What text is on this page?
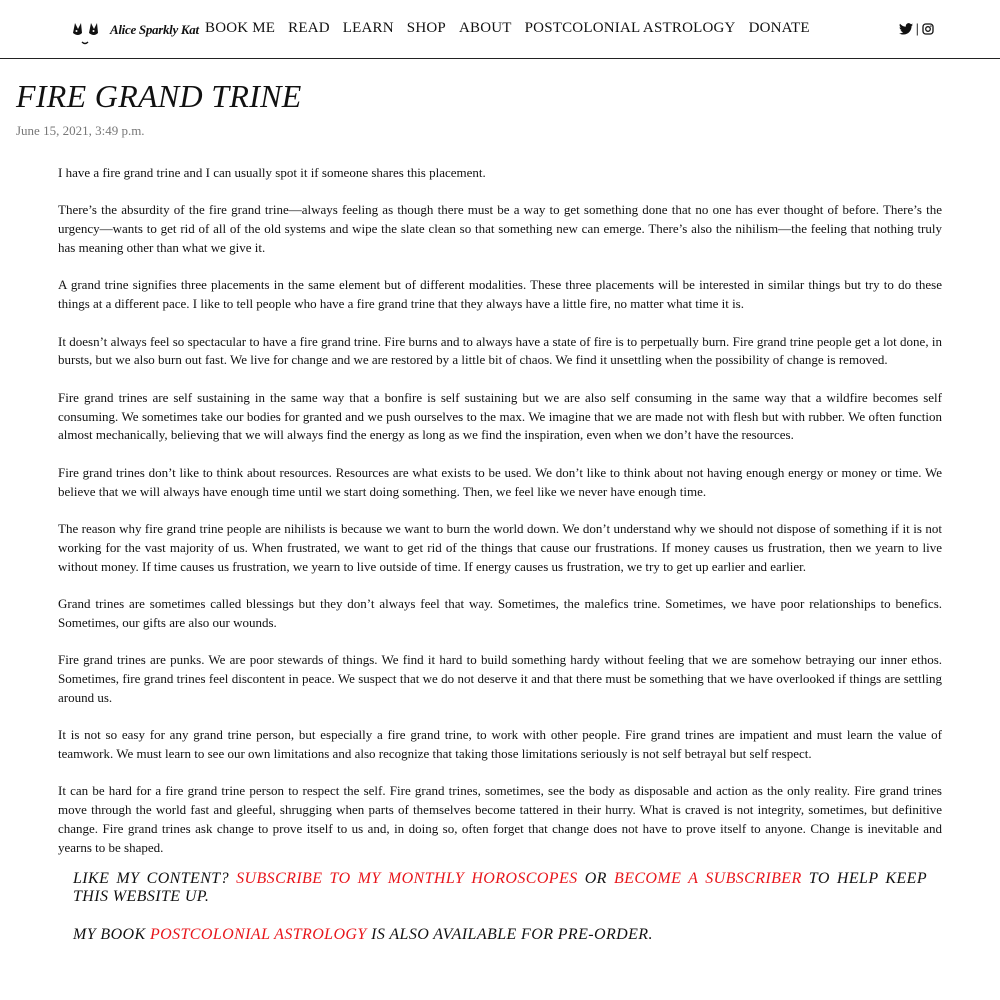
Alice Sparkly Kat BOOK ME READ LEARN SHOP ABOUT POSTCOLONIAL ASTROLOGY DONATE	|
FIRE GRAND TRINE
June 15, 2021, 3:49 p.m.

I have a fire grand trine and I can usually spot it if someone shares this placement.

There’s the absurdity of the fire grand trine—always feeling as though there must be a way to get something done that no one has ever thought of before. There’s the urgency—wants to get rid of all of the old systems and wipe the slate clean so that something new can emerge. There’s also the nihilism—the feeling that nothing truly has meaning other than what we give it.

A grand trine signifies three placements in the same element but of different modalities. These three placements will be interested in similar things but try to do these things at a different pace. I like to tell people who have a fire grand trine that they always have a little fire, no matter what time it is.

It doesn’t always feel so spectacular to have a fire grand trine. Fire burns and to always have a state of fire is to perpetually burn. Fire grand trine people get a lot done, in bursts, but we also burn out fast. We live for change and we are restored by a little bit of chaos. We find it unsettling when the possibility of change is removed.

Fire grand trines are self sustaining in the same way that a bonfire is self sustaining but we are also self consuming in the same way that a wildfire becomes self consuming. We sometimes take our bodies for granted and we push ourselves to the max. We imagine that we are made not with flesh but with rubber. We often function almost mechanically, believing that we will always find the energy as long as we find the inspiration, even when we don’t have the resources.

Fire grand trines don’t like to think about resources. Resources are what exists to be used. We don’t like to think about not having enough energy or money or time. We believe that we will always have enough time until we start doing something. Then, we feel like we never have enough time.

The reason why fire grand trine people are nihilists is because we want to burn the world down. We don’t understand why we should not dispose of something if it is not working for the vast majority of us. When frustrated, we want to get rid of the things that cause our frustrations. If money causes us frustration, then we yearn to live without money. If time causes us frustration, we yearn to live outside of time. If energy causes us frustration, we try to get up earlier and earlier.

Grand trines are sometimes called blessings but they don’t always feel that way. Sometimes, the malefics trine. Sometimes, we have poor relationships to benefics. Sometimes, our gifts are also our wounds.

Fire grand trines are punks. We are poor stewards of things. We find it hard to build something hardy without feeling that we are somehow betraying our inner ethos. Sometimes, fire grand trines feel discontent in peace. We suspect that we do not deserve it and that there must be something that we have overlooked if things are settling around us.

It is not so easy for any grand trine person, but especially a fire grand trine, to work with other people. Fire grand trines are impatient and must learn the value of teamwork. We must learn to see our own limitations and also recognize that taking those limitations seriously is not self betrayal but self respect.

It can be hard for a fire grand trine person to respect the self. Fire grand trines, sometimes, see the body as disposable and action as the only reality. Fire grand trines move through the world fast and gleeful, shrugging when parts of themselves become tattered in their hurry. What is craved is not integrity, sometimes, but definitive change. Fire grand trines ask change to prove itself to us and, in doing so, often forget that change does not have to prove itself to anyone. Change is inevitable and yearns to be shaped.

LIKE MY CONTENT? SUBSCRIBE TO MY MONTHLY HOROSCOPES OR BECOME A SUBSCRIBER TO HELP KEEP THIS WEBSITE UP.

MY BOOK POSTCOLONIAL ASTROLOGY IS ALSO AVAILABLE FOR PRE-ORDER.
